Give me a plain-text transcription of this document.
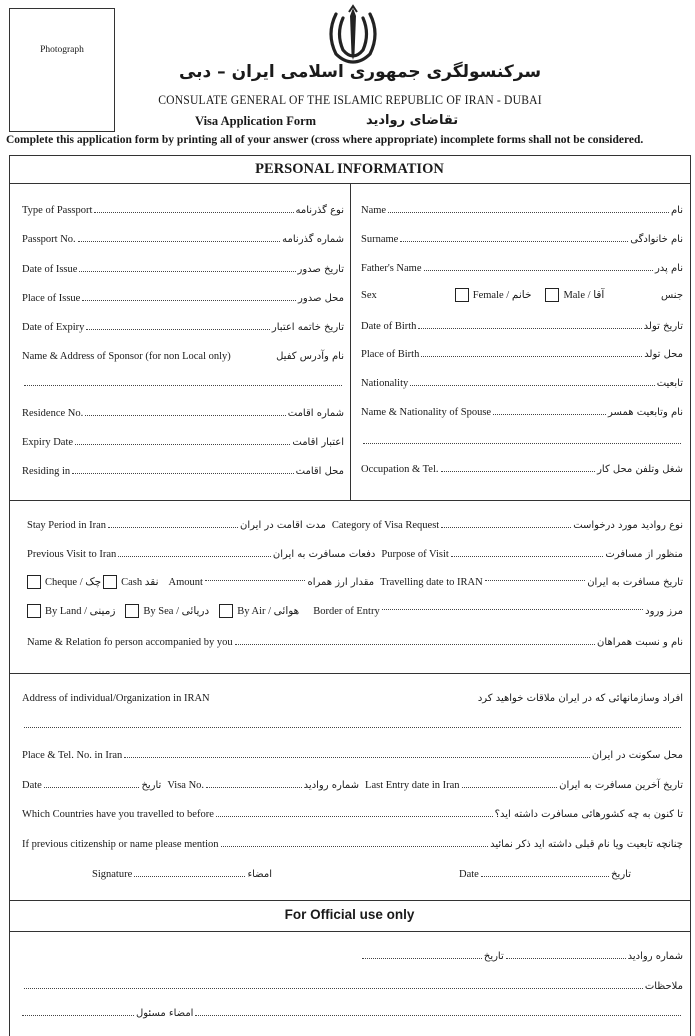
Photograph
سرکنسولگری جمهوری اسلامی ایران – دبی
CONSULATE GENERAL OF THE ISLAMIC REPUBLIC OF IRAN - DUBAI
Visa Application Form	تقاضای روادید
Complete this application form by printing all of your answer (cross where appropriate) incomplete forms shall not be considered.
PERSONAL INFORMATION
Type of Passport	نوع گذرنامه
Passport No.	شماره گذرنامه
Date of Issue	تاریخ صدور
Place of Issue	محل صدور
Date of Expiry	تاریخ خاتمه اعتبار
Name & Address of Sponsor (for non Local only)	نام وآدرس کفیل
Residence No.	شماره اقامت
Expiry Date	اعتبار اقامت
Residing in	محل اقامت
Name	نام
Surname	نام خانوادگی
Father's Name	نام پدر
Sex	Female / خانم	Male / آقا	جنس
Date of Birth	تاریخ تولد
Place of Birth	محل تولد
Nationality	تابعیت
Name & Nationality of Spouse	نام وتابعیت همسر
Occupation & Tel.	شغل وتلفن محل کار
Stay Period in Iran	مدت اقامت در ایران Category of Visa Request	نوع روادید مورد درخواست
Previous Visit to Iran	دفعات مسافرت به ایران Purpose of Visit	منظور از مسافرت
Cheque / چک Cash نقد Amount	مقدار ارز همراه Travelling date to IRAN	تاریخ مسافرت به ایران
By Land / زمینی	By Sea / دریائی	By Air / هوائی Border of Entry	مرز ورود
Name & Relation fo person accompanied by you	نام و نسبت همراهان
Address of individual/Organization in IRAN	افراد وسازمانهائی که در ایران ملاقات خواهید کرد
Place & Tel. No. in Iran	محل سکونت در ایران
Date	تاریخ Visa No.	شماره روادید Last Entry date in Iran	تاریخ آخرین مسافرت به ایران
Which Countries have you travelled to before	تا کنون به چه کشورهائی مسافرت داشته اید؟
If previous citizenship or name please mention	چنانچه تابعیت ویا نام قبلی داشته اید ذکر نمائید
Signature	امضاء	Date	تاریخ
For Official use only
تاریخ	شماره روادید
ملاحظات
امضاء مسئول
